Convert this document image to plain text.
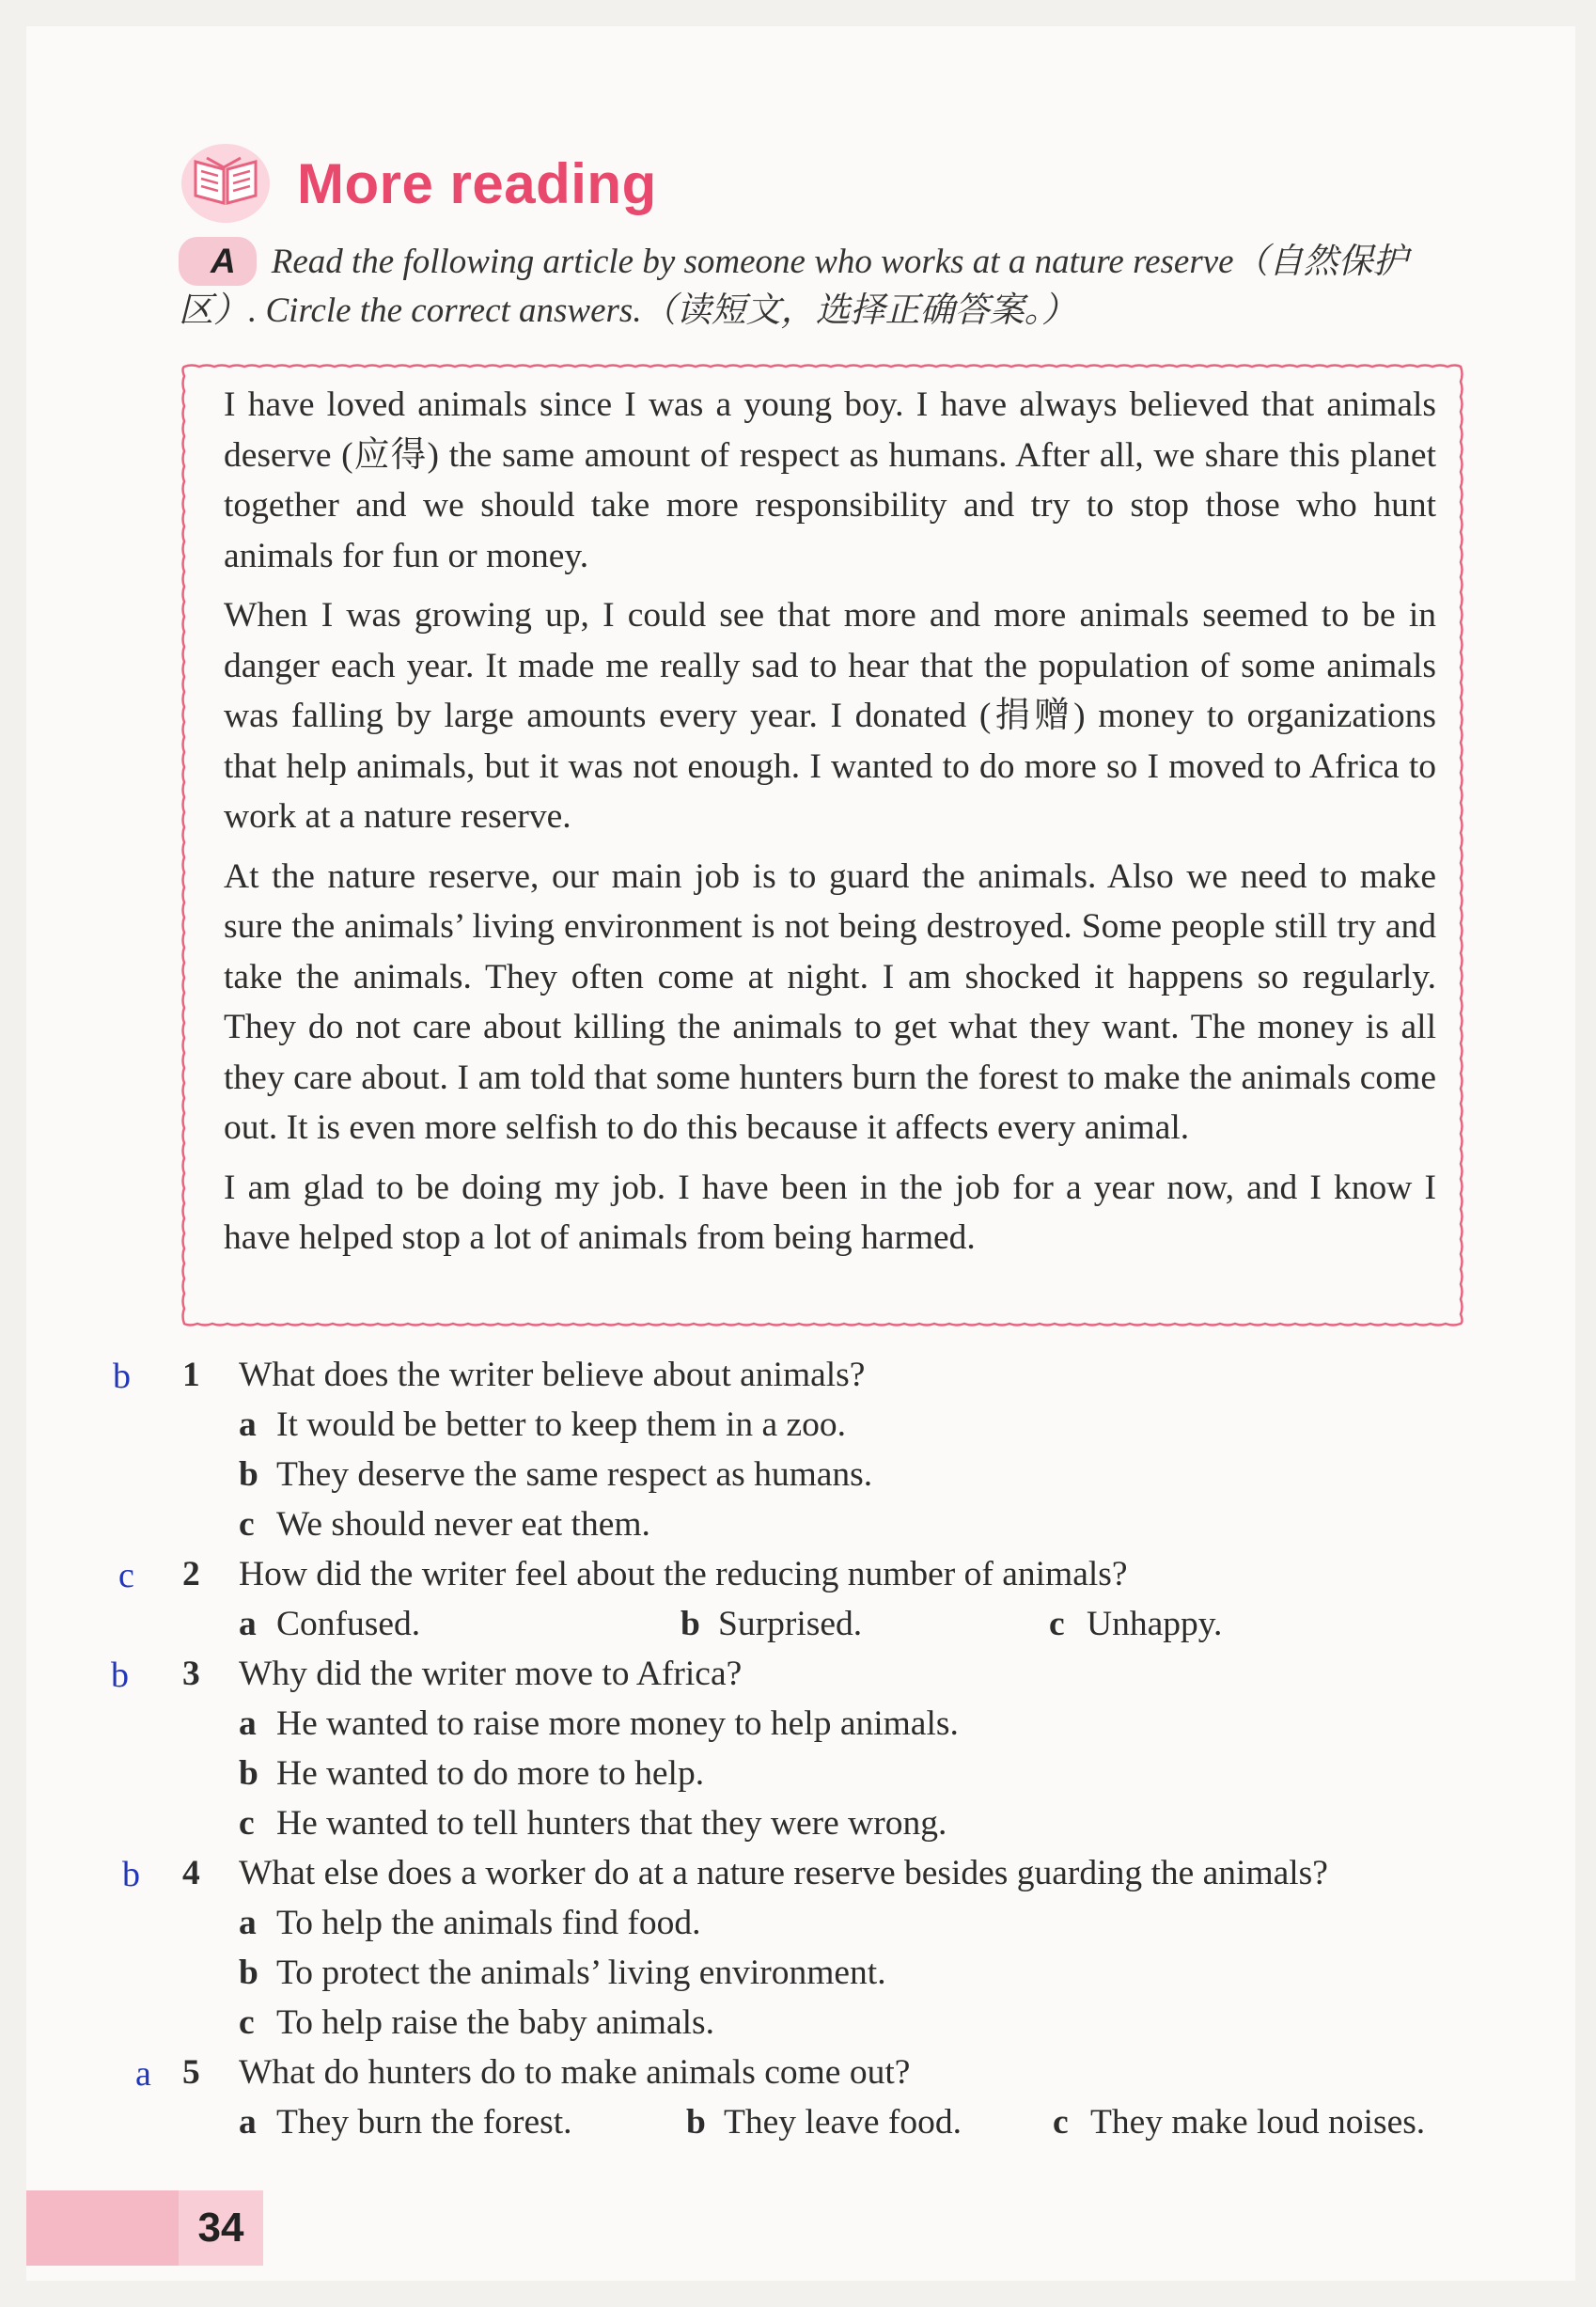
More reading
A Read the following article by someone who works at a nature reserve（自然保护区）. Circle the correct answers.（读短文，选择正确答案。）

I have loved animals since I was a young boy. I have always believed that animals deserve (应得) the same amount of respect as humans. After all, we share this planet together and we should take more responsibility and try to stop those who hunt animals for fun or money.

When I was growing up, I could see that more and more animals seemed to be in danger each year. It made me really sad to hear that the population of some animals was falling by large amounts every year. I donated (捐赠) money to organizations that help animals, but it was not enough. I wanted to do more so I moved to Africa to work at a nature reserve.

At the nature reserve, our main job is to guard the animals. Also we need to make sure the animals’ living environment is not being destroyed. Some people still try and take the animals. They often come at night. I am shocked it happens so regularly. They do not care about killing the animals to get what they want. The money is all they care about. I am told that some hunters burn the forest to make the animals come out. It is even more selfish to do this because it affects every animal.

I am glad to be doing my job. I have been in the job for a year now, and I know I have helped stop a lot of animals from being harmed.

b	1	What does the writer believe about animals?
a It would be better to keep them in a zoo.
b They deserve the same respect as humans.
c We should never eat them.
c	2	How did the writer feel about the reducing number of animals?
a Confused.	b Surprised.	c Unhappy.
b	3	Why did the writer move to Africa?
a He wanted to raise more money to help animals.
b He wanted to do more to help.
c He wanted to tell hunters that they were wrong.
b	4	What else does a worker do at a nature reserve besides guarding the animals?
a To help the animals find food.
b To protect the animals’ living environment.
c To help raise the baby animals.
a 5	What do hunters do to make animals come out?
a They burn the forest.	b They leave food.	c They make loud noises.
34
